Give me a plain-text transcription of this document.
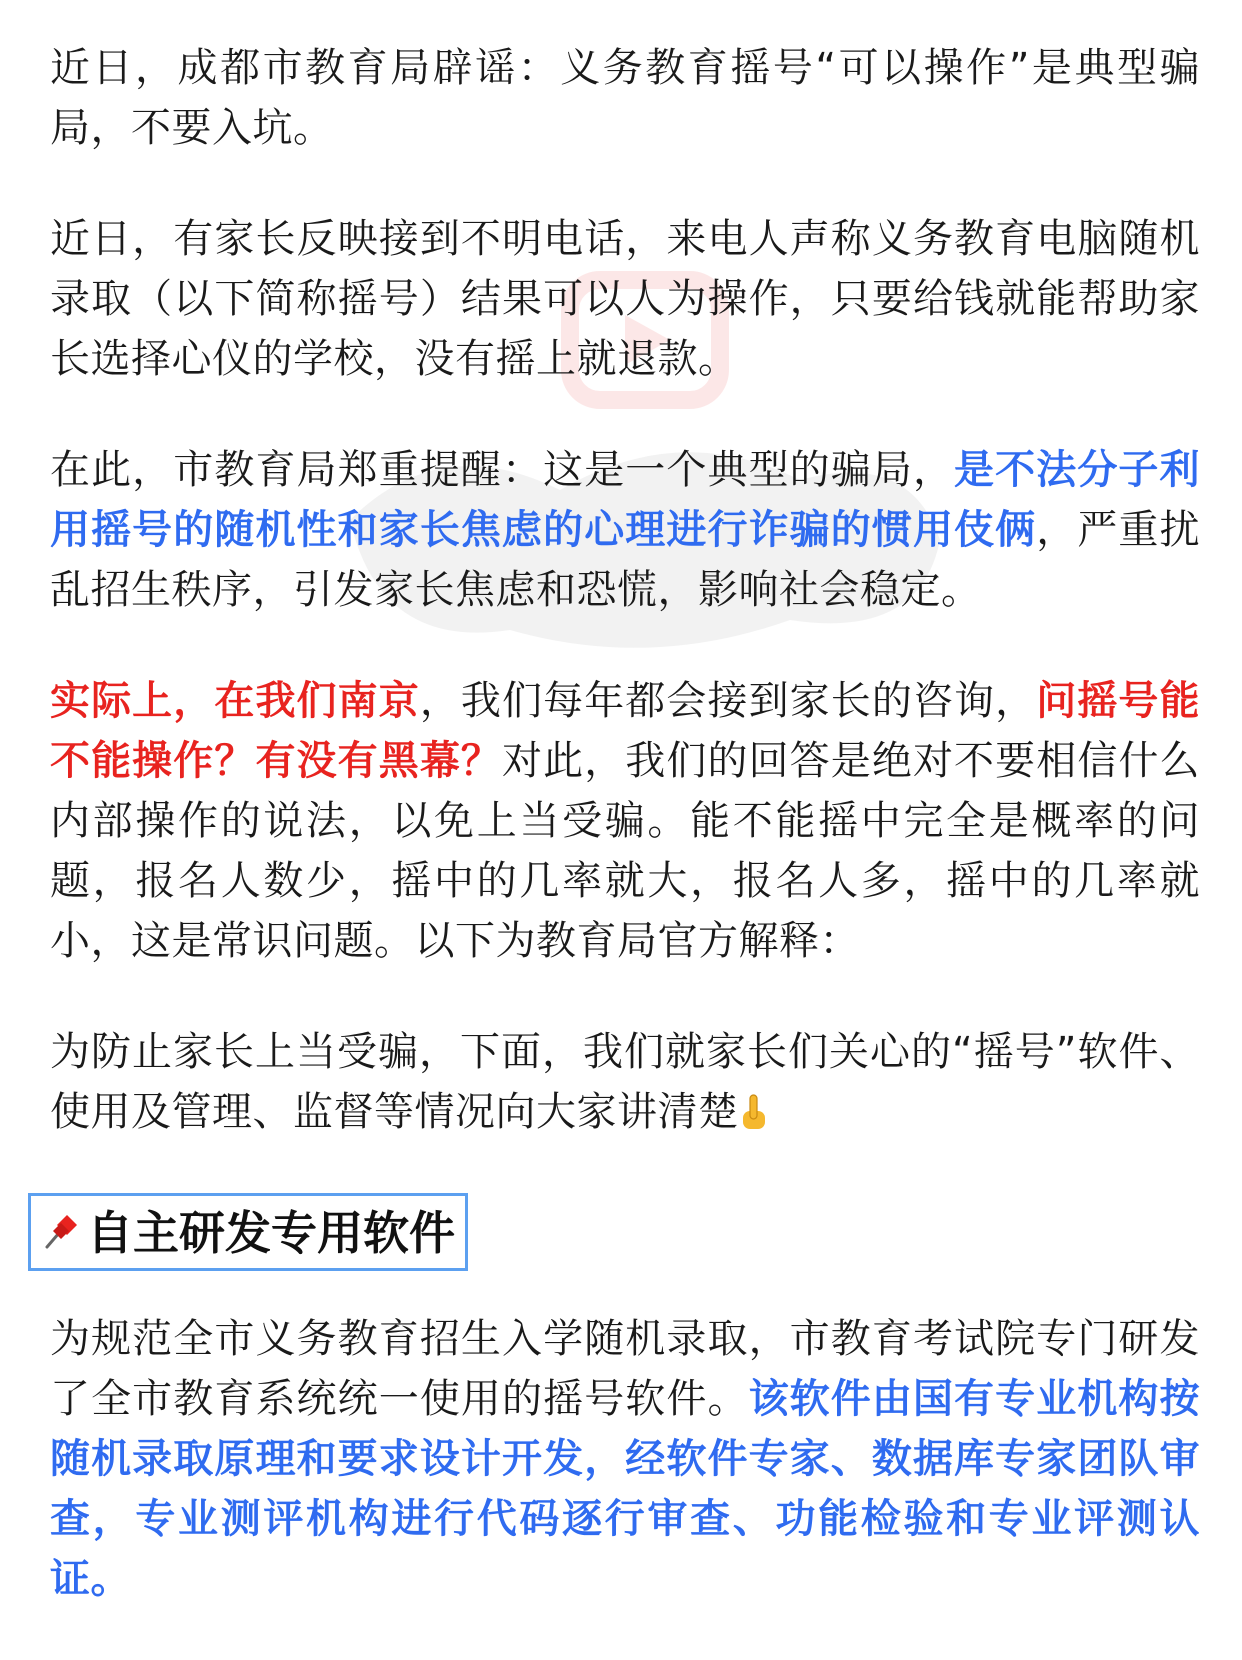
近日，成都市教育局辟谣：义务教育摇号“可以操作”是典型骗局，不要入坑。

近日，有家长反映接到不明电话，来电人声称义务教育电脑随机录取（以下简称摇号）结果可以人为操作，只要给钱就能帮助家长选择心仪的学校，没有摇上就退款。

在此，市教育局郑重提醒：这是一个典型的骗局，是不法分子利用摇号的随机性和家长焦虑的心理进行诈骗的惯用伎俩，严重扰乱招生秩序，引发家长焦虑和恐慌，影响社会稳定。

实际上，在我们南京，我们每年都会接到家长的咨询，问摇号能不能操作？有没有黑幕？对此，我们的回答是绝对不要相信什么内部操作的说法，以免上当受骗。能不能摇中完全是概率的问题，报名人数少，摇中的几率就大，报名人多，摇中的几率就小，这是常识问题。以下为教育局官方解释：

为防止家长上当受骗，下面，我们就家长们关心的“摇号”软件、使用及管理、监督等情况向大家讲清楚

自主研发专用软件

为规范全市义务教育招生入学随机录取，市教育考试院专门研发了全市教育系统统一使用的摇号软件。该软件由国有专业机构按随机录取原理和要求设计开发，经软件专家、数据库专家团队审查，专业测评机构进行代码逐行审查、功能检验和专业评测认证。
